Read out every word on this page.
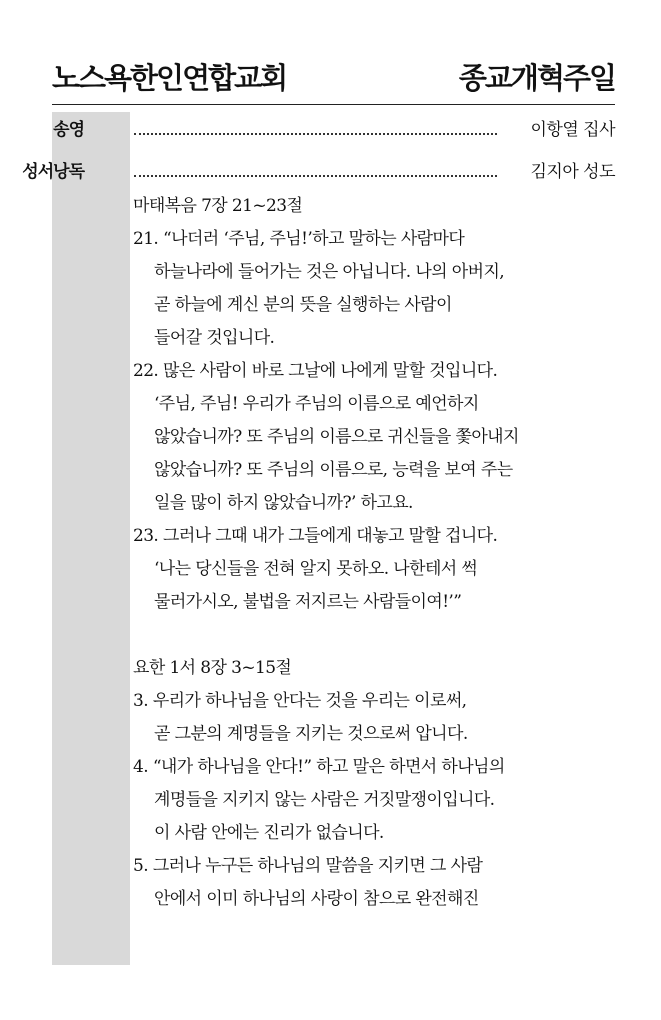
노스욕한인연합교회	종교개혁주일
송영	이항열 집사
성서낭독	김지아 성도
마태복음 7장 21~23절
21. “나더러 ‘주님, 주님!’하고 말하는 사람마다
하늘나라에 들어가는 것은 아닙니다. 나의 아버지,
곧 하늘에 계신 분의 뜻을 실행하는 사람이
들어갈 것입니다.
22. 많은 사람이 바로 그날에 나에게 말할 것입니다.
‘주님, 주님! 우리가 주님의 이름으로 예언하지
않았습니까? 또 주님의 이름으로 귀신들을 쫓아내지
않았습니까? 또 주님의 이름으로, 능력을 보여 주는
일을 많이 하지 않았습니까?’ 하고요.
23. 그러나 그때 내가 그들에게 대놓고 말할 겁니다.
‘나는 당신들을 전혀 알지 못하오. 나한테서 썩
물러가시오, 불법을 저지르는 사람들이여!’”
요한 1서 8장 3~15절
3. 우리가 하나님을 안다는 것을 우리는 이로써,
곧 그분의 계명들을 지키는 것으로써 압니다.
4. “내가 하나님을 안다!” 하고 말은 하면서 하나님의
계명들을 지키지 않는 사람은 거짓말쟁이입니다.
이 사람 안에는 진리가 없습니다.
5. 그러나 누구든 하나님의 말씀을 지키면 그 사람
안에서 이미 하나님의 사랑이 참으로 완전해진
